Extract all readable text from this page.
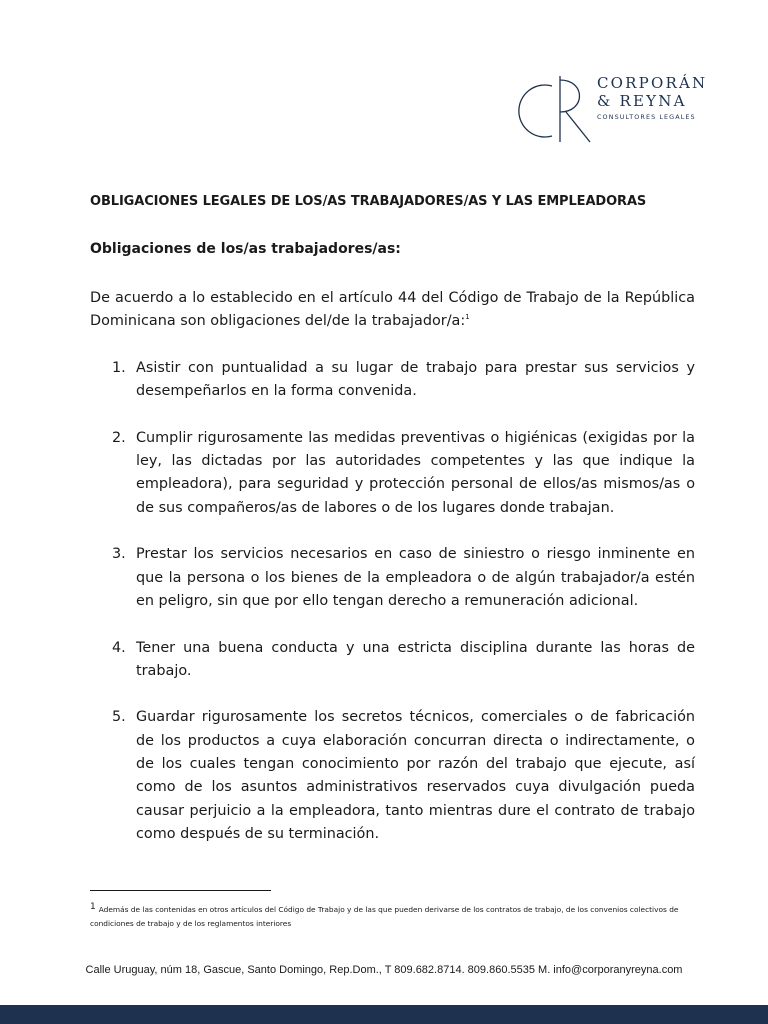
CORPORÁN
& REYNA
CONSULTORES LEGALES
OBLIGACIONES LEGALES DE LOS/AS TRABAJADORES/AS Y LAS EMPLEADORAS
Obligaciones de los/as trabajadores/as:

De acuerdo a lo establecido en el artículo 44 del Código de Trabajo de la República Dominicana son obligaciones del/de la trabajador/a:$^1$

1. Asistir con puntualidad a su lugar de trabajo para prestar sus servicios y desempeñarlos en la forma convenida.
2. Cumplir rigurosamente las medidas preventivas o higiénicas (exigidas por la ley, las dictadas por las autoridades competentes y las que indique la empleadora), para seguridad y protección personal de ellos/as mismos/as o de sus compañeros/as de labores o de los lugares donde trabajan.
3. Prestar los servicios necesarios en caso de siniestro o riesgo inminente en que la persona o los bienes de la empleadora o de algún trabajador/a estén en peligro, sin que por ello tengan derecho a remuneración adicional.
4. Tener una buena conducta y una estricta disciplina durante las horas de trabajo.
5. Guardar rigurosamente los secretos técnicos, comerciales o de fabricación de los productos a cuya elaboración concurran directa o indirectamente, o de los cuales tengan conocimiento por razón del trabajo que ejecute, así como de los asuntos administrativos reservados cuya divulgación pueda causar perjuicio a la empleadora, tanto mientras dure el contrato de trabajo como después de su terminación.

1 Además de las contenidas en otros artículos del Código de Trabajo y de las que pueden derivarse de los contratos de trabajo, de los convenios colectivos de condiciones de trabajo y de los reglamentos interiores

Calle Uruguay, núm 18, Gascue, Santo Domingo, Rep.Dom., T 809.682.8714. 809.860.5535 M. info@corporanyreyna.com
